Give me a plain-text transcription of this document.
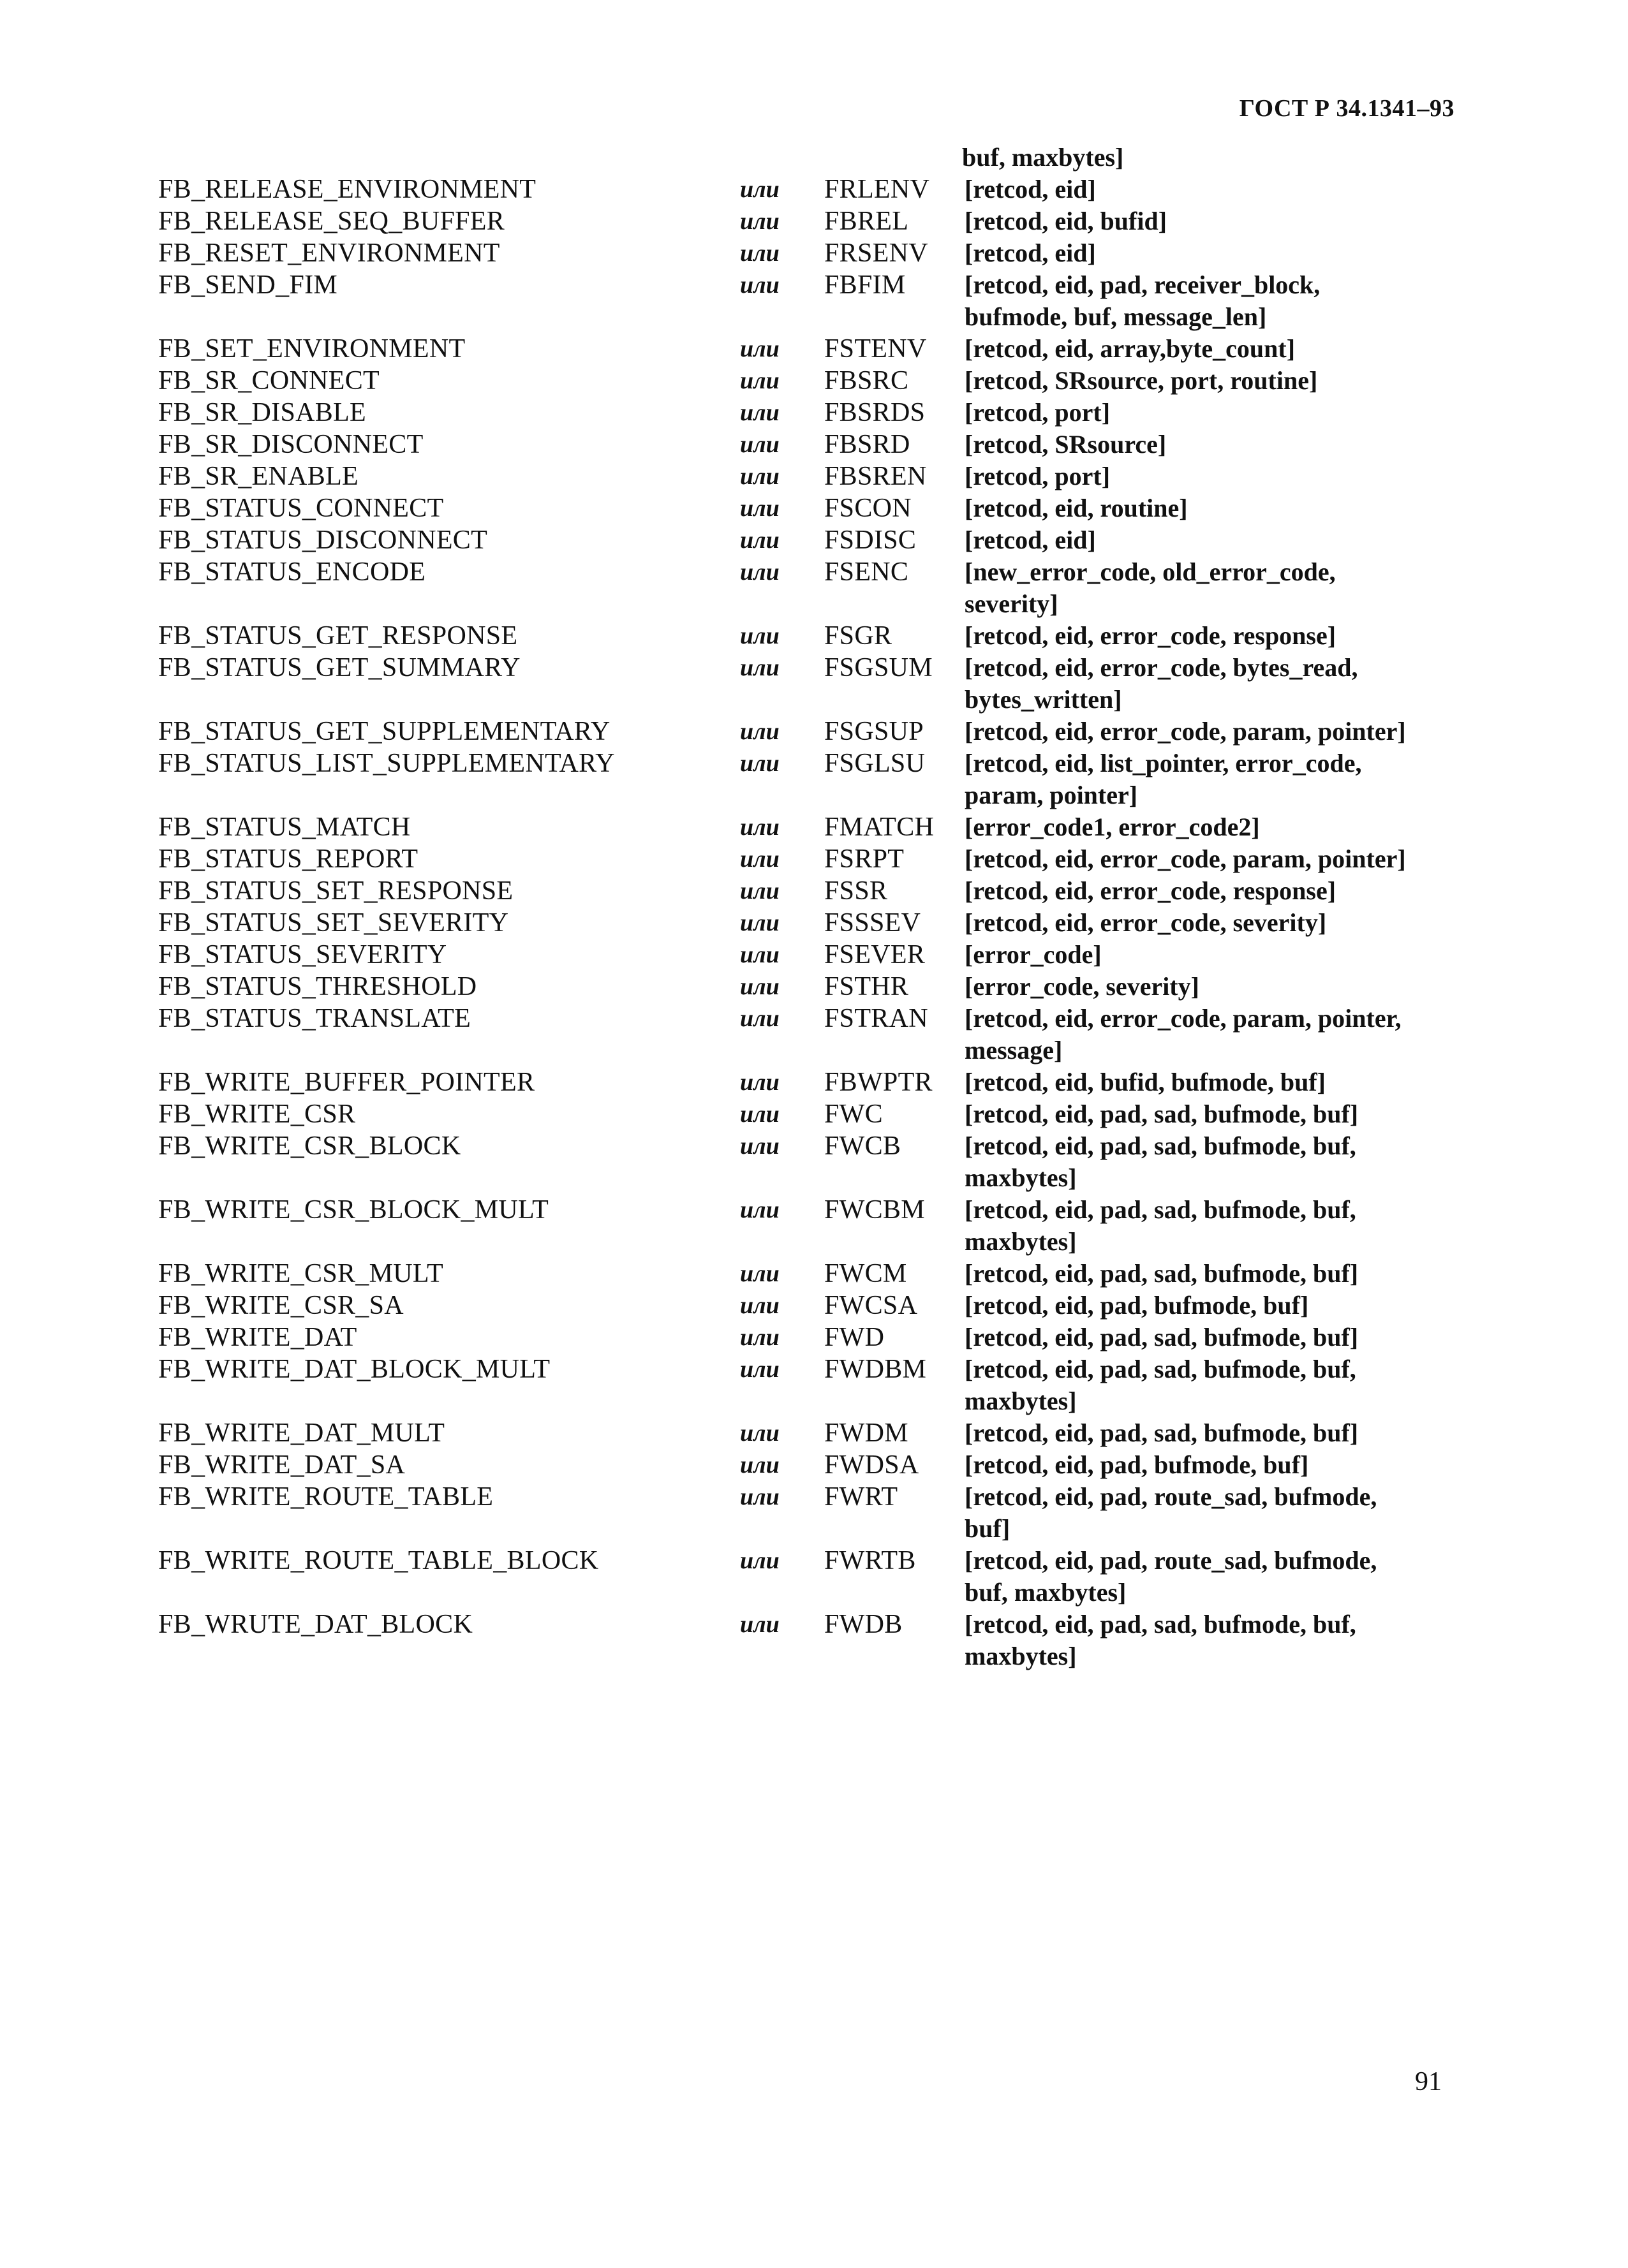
ГОСТ Р 34.1341–93
buf, maxbytes]
FB_RELEASE_ENVIRONMENT	или FRLENV [retcod, eid]
FB_RELEASE_SEQ_BUFFER	или FBREL [retcod, eid, bufid]
FB_RESET_ENVIRONMENT	или FRSENV [retcod, eid]
FB_SEND_FIM	или FBFIM [retcod, eid, pad, receiver_block,
bufmode, buf, message_len]
FB_SET_ENVIRONMENT	или FSTENV [retcod, eid, array,byte_count]
FB_SR_CONNECT	или FBSRC [retcod, SRsource, port, routine]
FB_SR_DISABLE	или FBSRDS [retcod, port]
FB_SR_DISCONNECT	или FBSRD [retcod, SRsource]
FB_SR_ENABLE	или FBSREN [retcod, port]
FB_STATUS_CONNECT	или FSCON [retcod, eid, routine]
FB_STATUS_DISCONNECT	или FSDISC [retcod, eid]
FB_STATUS_ENCODE	или FSENC [new_error_code, old_error_code,
severity]
FB_STATUS_GET_RESPONSE	или FSGR	[retcod, eid, error_code, response]
FB_STATUS_GET_SUMMARY	или FSGSUM [retcod, eid, error_code, bytes_read,
bytes_written]
FB_STATUS_GET_SUPPLEMENTARY	или FSGSUP [retcod, eid, error_code, param, pointer]
FB_STATUS_LIST_SUPPLEMENTARY	или FSGLSU [retcod, eid, list_pointer, error_code,
param, pointer]
FB_STATUS_MATCH	или FMATCH [error_code1, error_code2]
FB_STATUS_REPORT	или FSRPT [retcod, eid, error_code, param, pointer]
FB_STATUS_SET_RESPONSE	или FSSR	[retcod, eid, error_code, response]
FB_STATUS_SET_SEVERITY	или FSSSEV [retcod, eid, error_code, severity]
FB_STATUS_SEVERITY	или FSEVER [error_code]
FB_STATUS_THRESHOLD	или FSTHR [error_code, severity]
FB_STATUS_TRANSLATE	или FSTRAN [retcod, eid, error_code, param, pointer,
message]
FB_WRITE_BUFFER_POINTER	или FBWPTR [retcod, eid, bufid, bufmode, buf]
FB_WRITE_CSR	или FWC	[retcod, eid, pad, sad, bufmode, buf]
FB_WRITE_CSR_BLOCK	или FWCB [retcod, eid, pad, sad, bufmode, buf,
maxbytes]
FB_WRITE_CSR_BLOCK_MULT	или FWCBM [retcod, eid, pad, sad, bufmode, buf,
maxbytes]
FB_WRITE_CSR_MULT	или FWCM [retcod, eid, pad, sad, bufmode, buf]
FB_WRITE_CSR_SA	или FWCSA [retcod, eid, pad, bufmode, buf]
FB_WRITE_DAT	или FWD	[retcod, eid, pad, sad, bufmode, buf]
FB_WRITE_DAT_BLOCK_MULT	или FWDBM [retcod, eid, pad, sad, bufmode, buf,
maxbytes]
FB_WRITE_DAT_MULT	или FWDM [retcod, eid, pad, sad, bufmode, buf]
FB_WRITE_DAT_SA	или FWDSA [retcod, eid, pad, bufmode, buf]
FB_WRITE_ROUTE_TABLE	или FWRT	[retcod, eid, pad, route_sad, bufmode,
buf]
FB_WRITE_ROUTE_TABLE_BLOCK	или FWRTB [retcod, eid, pad, route_sad, bufmode,
buf, maxbytes]
FB_WRUTE_DAT_BLOCK	или FWDB [retcod, eid, pad, sad, bufmode, buf,
maxbytes]
91
